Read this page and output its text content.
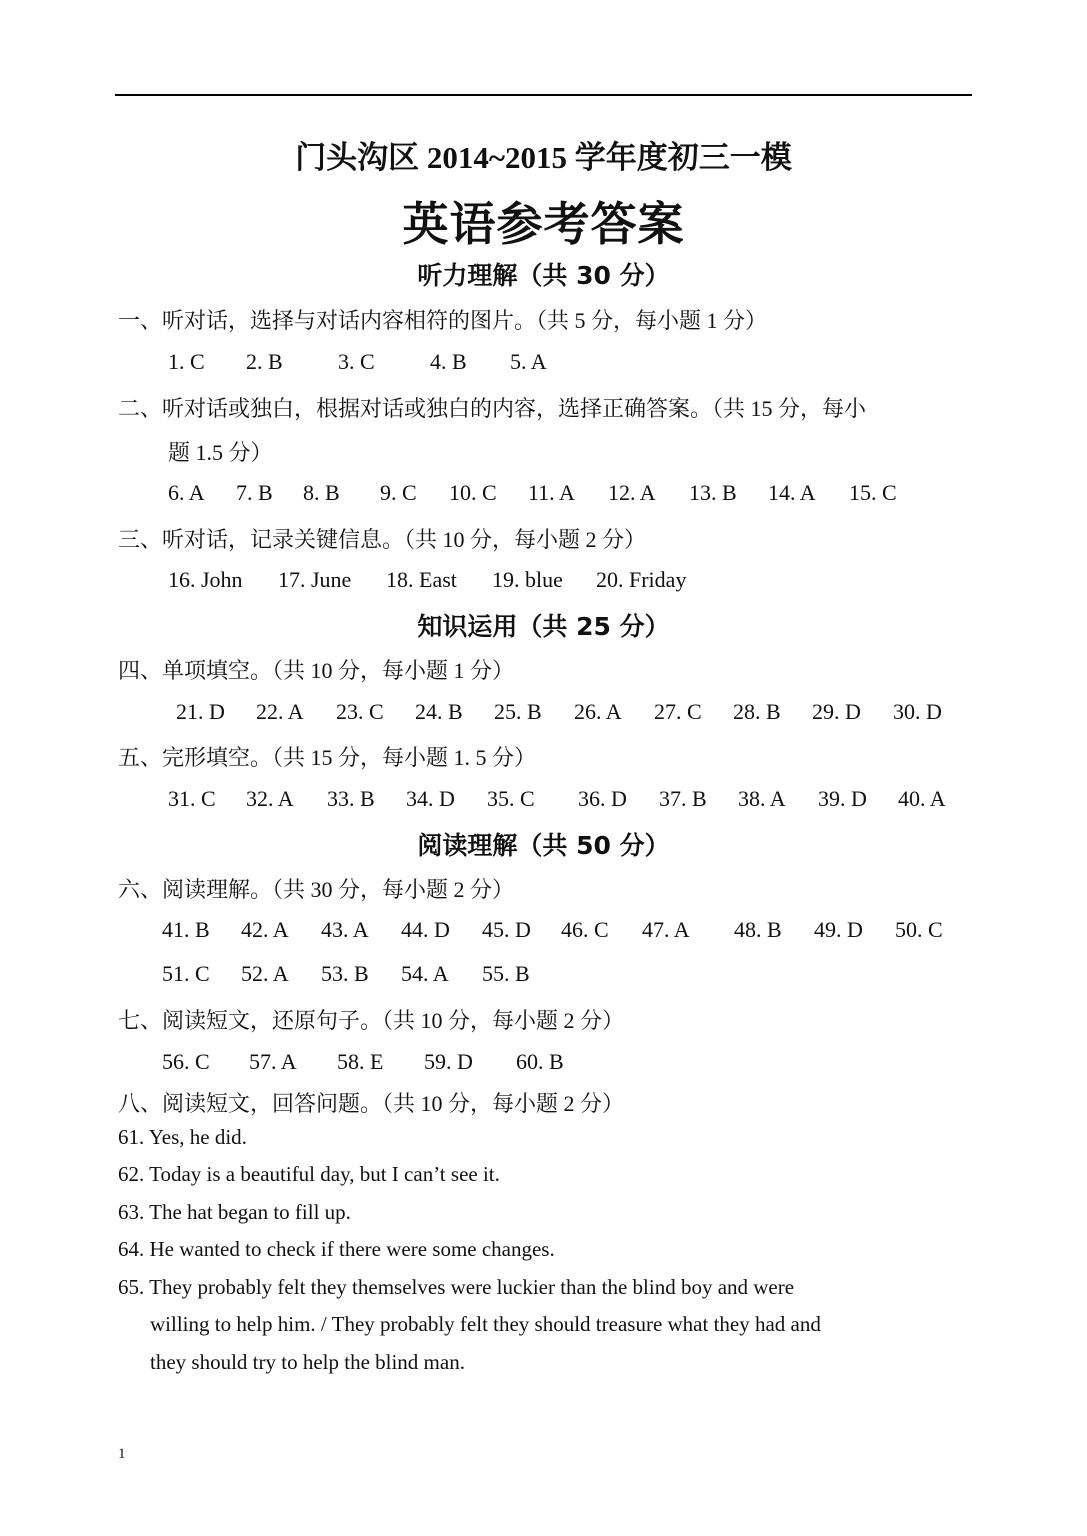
门头沟区 2014~2015 学年度初三一模
英语参考答案
听力理解（共 30 分）
一、听对话，选择与对话内容相符的图片。（共 5 分，每小题 1 分）
1. C 2. B	3. C	4. B 5. A
二、听对话或独白，根据对话或独白的内容，选择正确答案。（共 15 分，每小
题 1.5 分）
6. A 7. B 8. B 9. C 10. C 11. A 12. A 13. B 14. A 15. C
三、听对话，记录关键信息。（共 10 分，每小题 2 分）
16. John 17. June 18. East 19. blue 20. Friday
知识运用（共 25 分）
四、单项填空。（共 10 分，每小题 1 分）
21. D 22. A 23. C 24. B 25. B 26. A 27. C 28. B 29. D 30. D
五、完形填空。（共 15 分，每小题 1. 5 分）
31. C 32. A 33. B 34. D 35. C 36. D 37. B 38. A 39. D 40. A
阅读理解（共 50 分）
六、阅读理解。（共 30 分，每小题 2 分）
41. B 42. A 43. A 44. D 45. D 46. C 47. A 48. B 49. D 50. C
51. C 52. A 53. B 54. A 55. B
七、阅读短文，还原句子。（共 10 分，每小题 2 分）
56. C 57. A 58. E 59. D 60. B
八、阅读短文，回答问题。（共 10 分，每小题 2 分）
61. Yes, he did.
62. Today is a beautiful day, but I can’t see it.
63. The hat began to fill up.
64. He wanted to check if there were some changes.
65. They probably felt they themselves were luckier than the blind boy and were
willing to help him. / They probably felt they should treasure what they had and
they should try to help the blind man.
1
